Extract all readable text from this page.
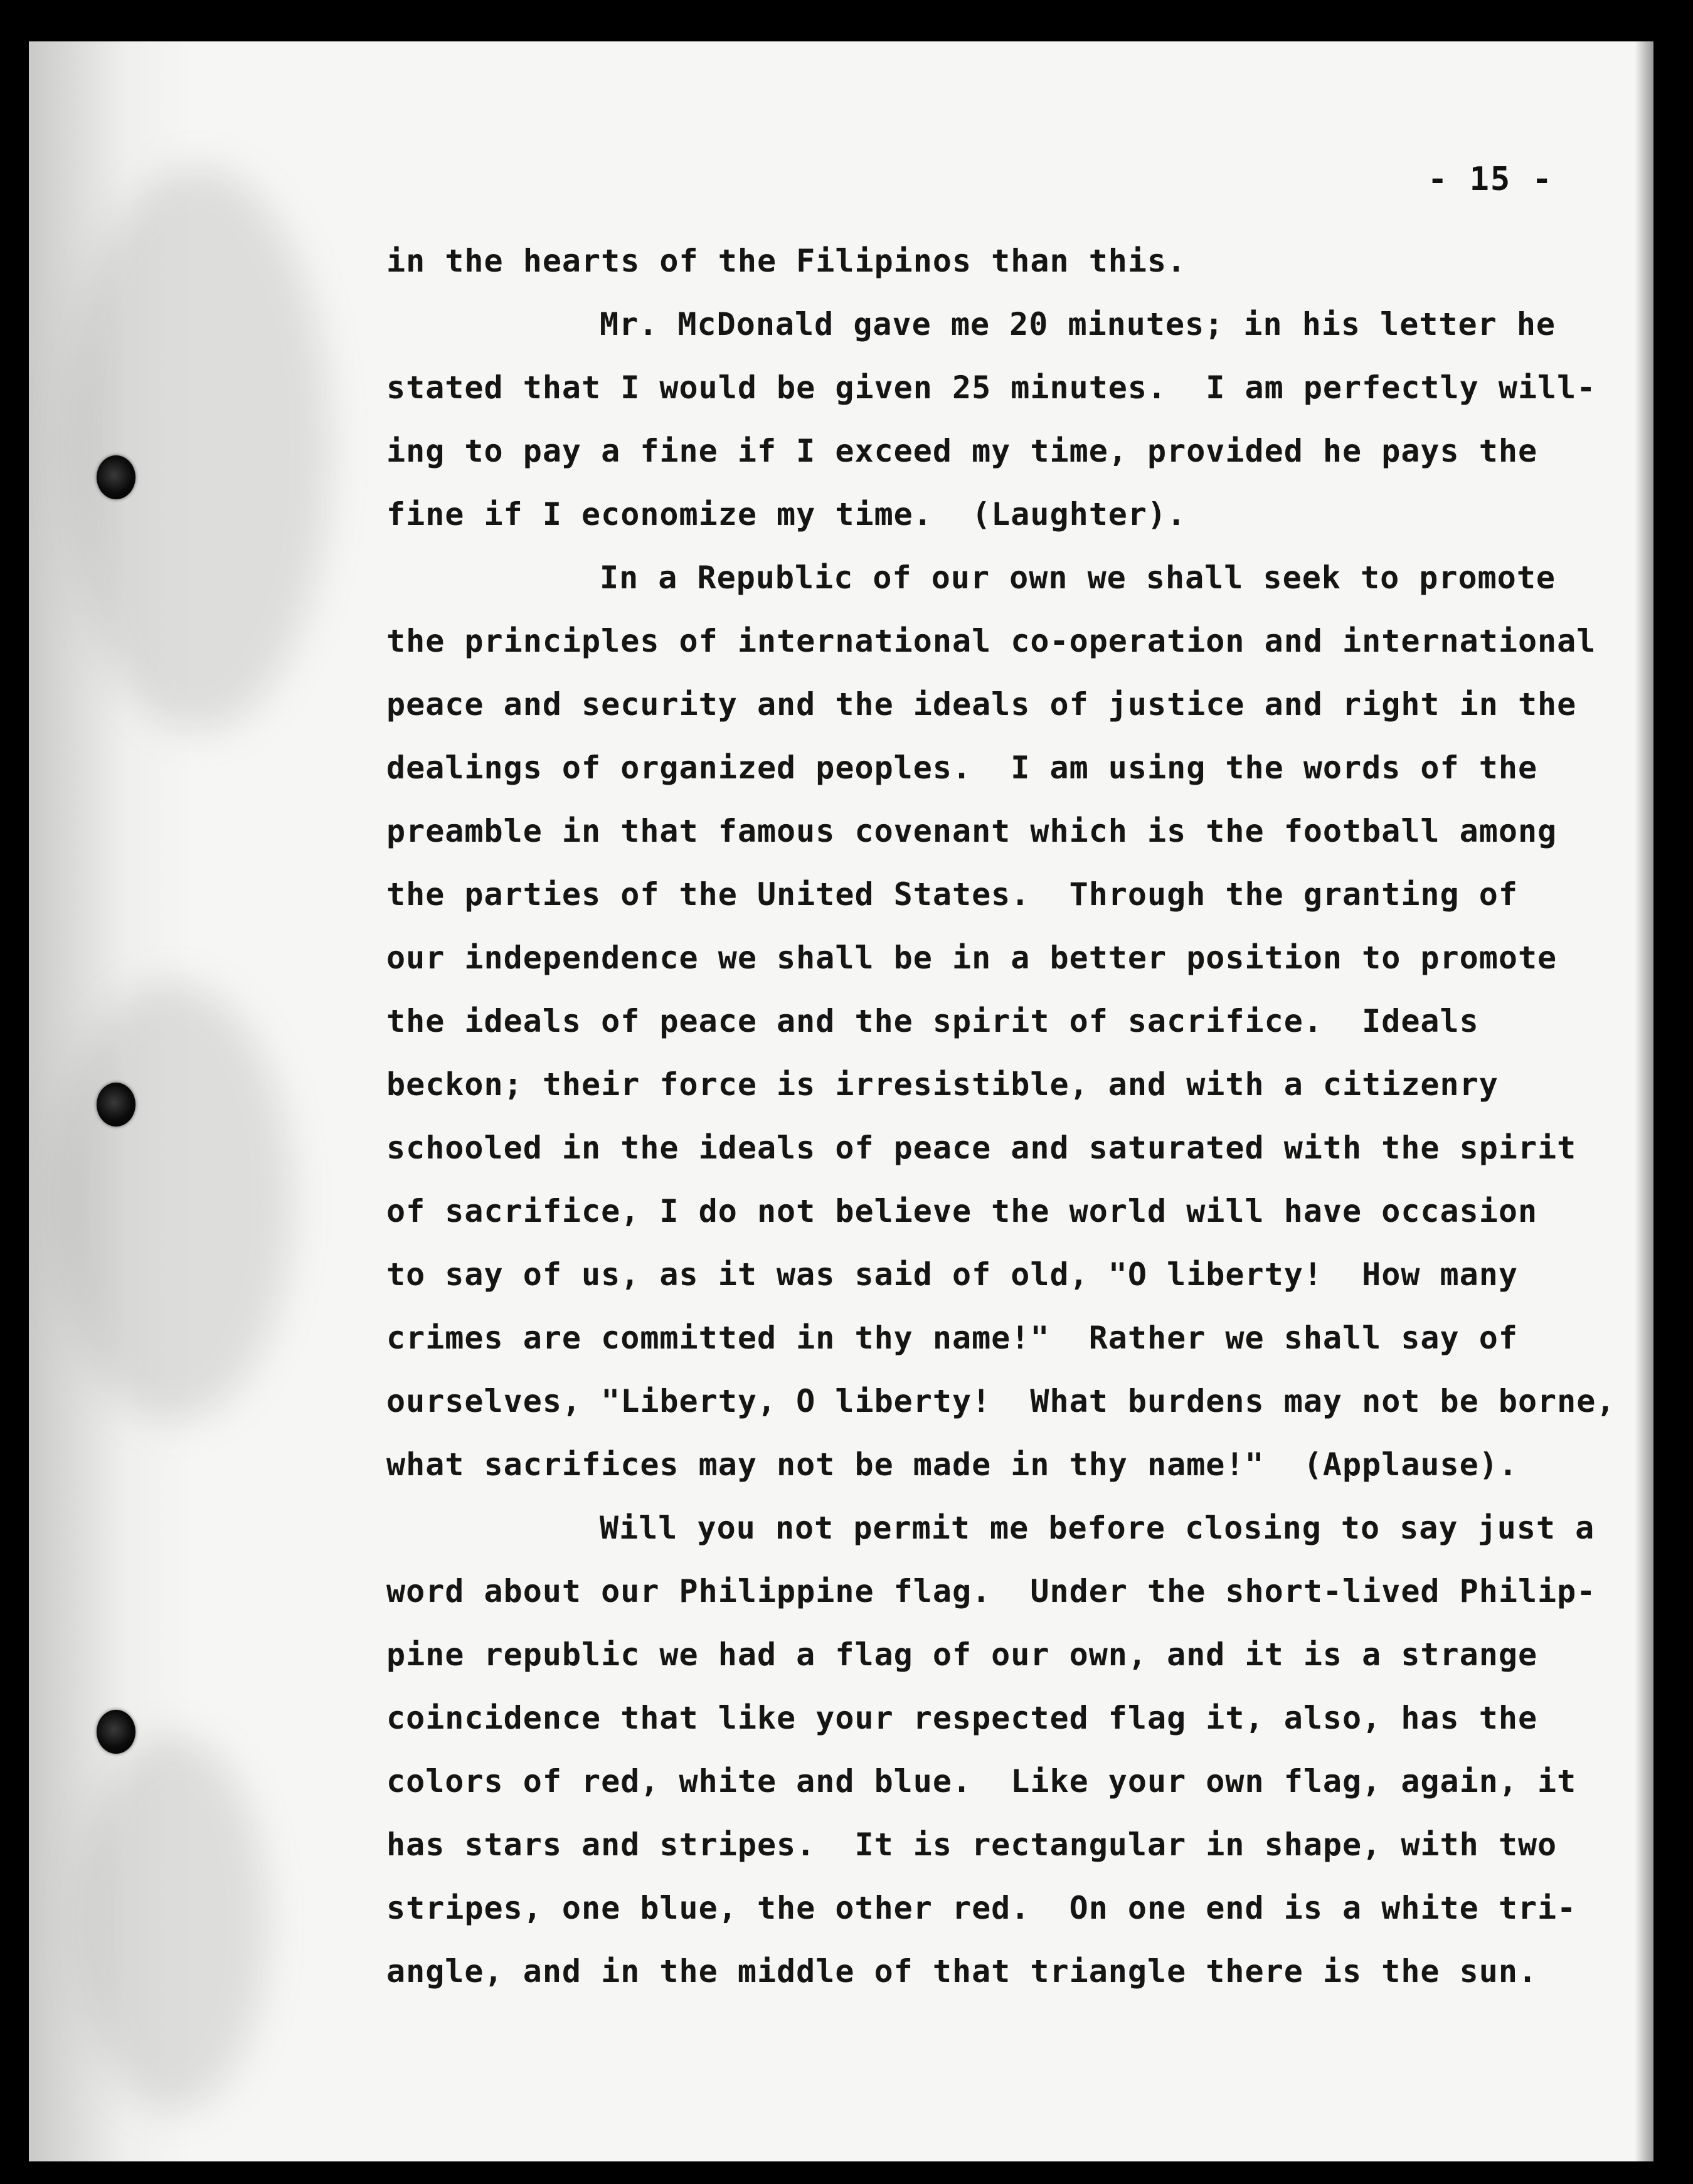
- 15 -
in the hearts of the Filipinos than this.
Mr. McDonald gave me 20 minutes; in his letter he
stated that I would be given 25 minutes.  I am perfectly will-
ing to pay a fine if I exceed my time, provided he pays the
fine if I economize my time.  (Laughter).
In a Republic of our own we shall seek to promote
the principles of international co-operation and international
peace and security and the ideals of justice and right in the
dealings of organized peoples.  I am using the words of the
preamble in that famous covenant which is the football among
the parties of the United States.  Through the granting of
our independence we shall be in a better position to promote
the ideals of peace and the spirit of sacrifice.  Ideals
beckon; their force is irresistible, and with a citizenry
schooled in the ideals of peace and saturated with the spirit
of sacrifice, I do not believe the world will have occasion
to say of us, as it was said of old, "O liberty!  How many
crimes are committed in thy name!"  Rather we shall say of
ourselves, "Liberty, O liberty!  What burdens may not be borne,
what sacrifices may not be made in thy name!"  (Applause).
Will you not permit me before closing to say just a
word about our Philippine flag.  Under the short-lived Philip-
pine republic we had a flag of our own, and it is a strange
coincidence that like your respected flag it, also, has the
colors of red, white and blue.  Like your own flag, again, it
has stars and stripes.  It is rectangular in shape, with two
stripes, one blue, the other red.  On one end is a white tri-
angle, and in the middle of that triangle there is the sun.
